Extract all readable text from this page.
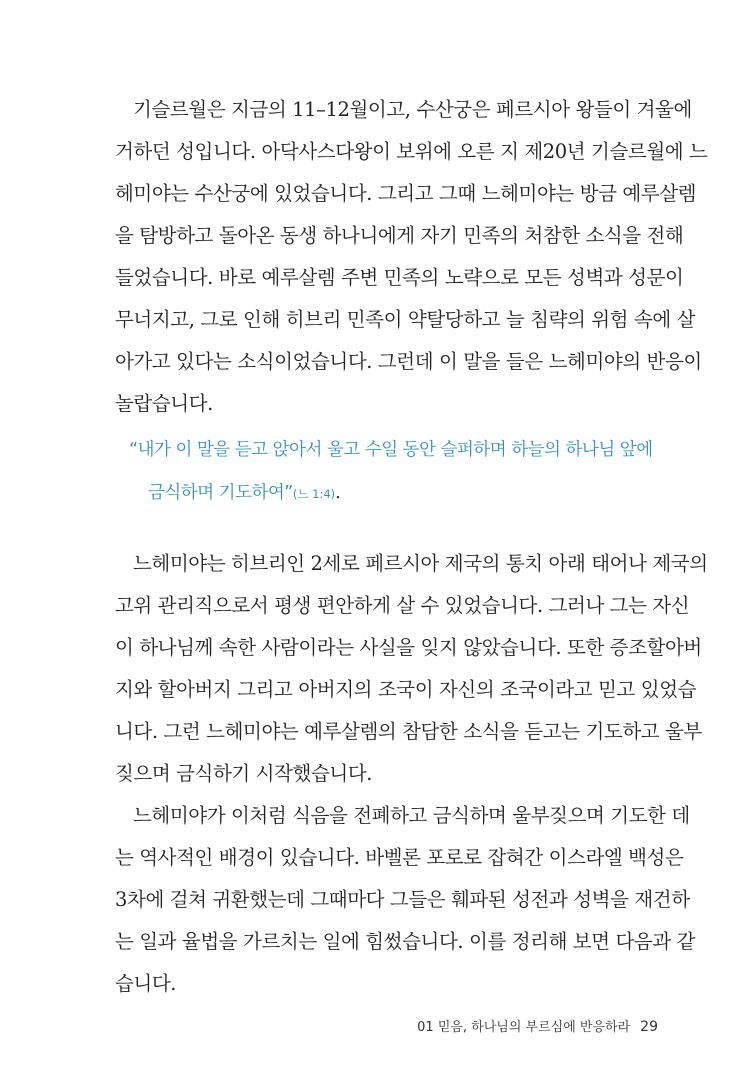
기슬르월은 지금의 11–12월이고, 수산궁은 페르시아 왕들이 겨울에
거하던 성입니다. 아닥사스다왕이 보위에 오른 지 제20년 기슬르월에 느
헤미야는 수산궁에 있었습니다. 그리고 그때 느헤미야는 방금 예루살렘
을 탐방하고 돌아온 동생 하나니에게 자기 민족의 처참한 소식을 전해
들었습니다. 바로 예루살렘 주변 민족의 노략으로 모든 성벽과 성문이
무너지고, 그로 인해 히브리 민족이 약탈당하고 늘 침략의 위험 속에 살
아가고 있다는 소식이었습니다. 그런데 이 말을 들은 느헤미야의 반응이
놀랍습니다.
“내가 이 말을 듣고 앉아서 울고 수일 동안 슬퍼하며 하늘의 하나님 앞에
금식하며 기도하여”(느 1:4).
느헤미야는 히브리인 2세로 페르시아 제국의 통치 아래 태어나 제국의
고위 관리직으로서 평생 편안하게 살 수 있었습니다. 그러나 그는 자신
이 하나님께 속한 사람이라는 사실을 잊지 않았습니다. 또한 증조할아버
지와 할아버지 그리고 아버지의 조국이 자신의 조국이라고 믿고 있었습
니다. 그런 느헤미야는 예루살렘의 참담한 소식을 듣고는 기도하고 울부
짖으며 금식하기 시작했습니다.
느헤미야가 이처럼 식음을 전폐하고 금식하며 울부짖으며 기도한 데
는 역사적인 배경이 있습니다. 바벨론 포로로 잡혀간 이스라엘 백성은
3차에 걸쳐 귀환했는데 그때마다 그들은 훼파된 성전과 성벽을 재건하
는 일과 율법을 가르치는 일에 힘썼습니다. 이를 정리해 보면 다음과 같
습니다.
01 믿음, 하나님의 부르심에 반응하라 29
